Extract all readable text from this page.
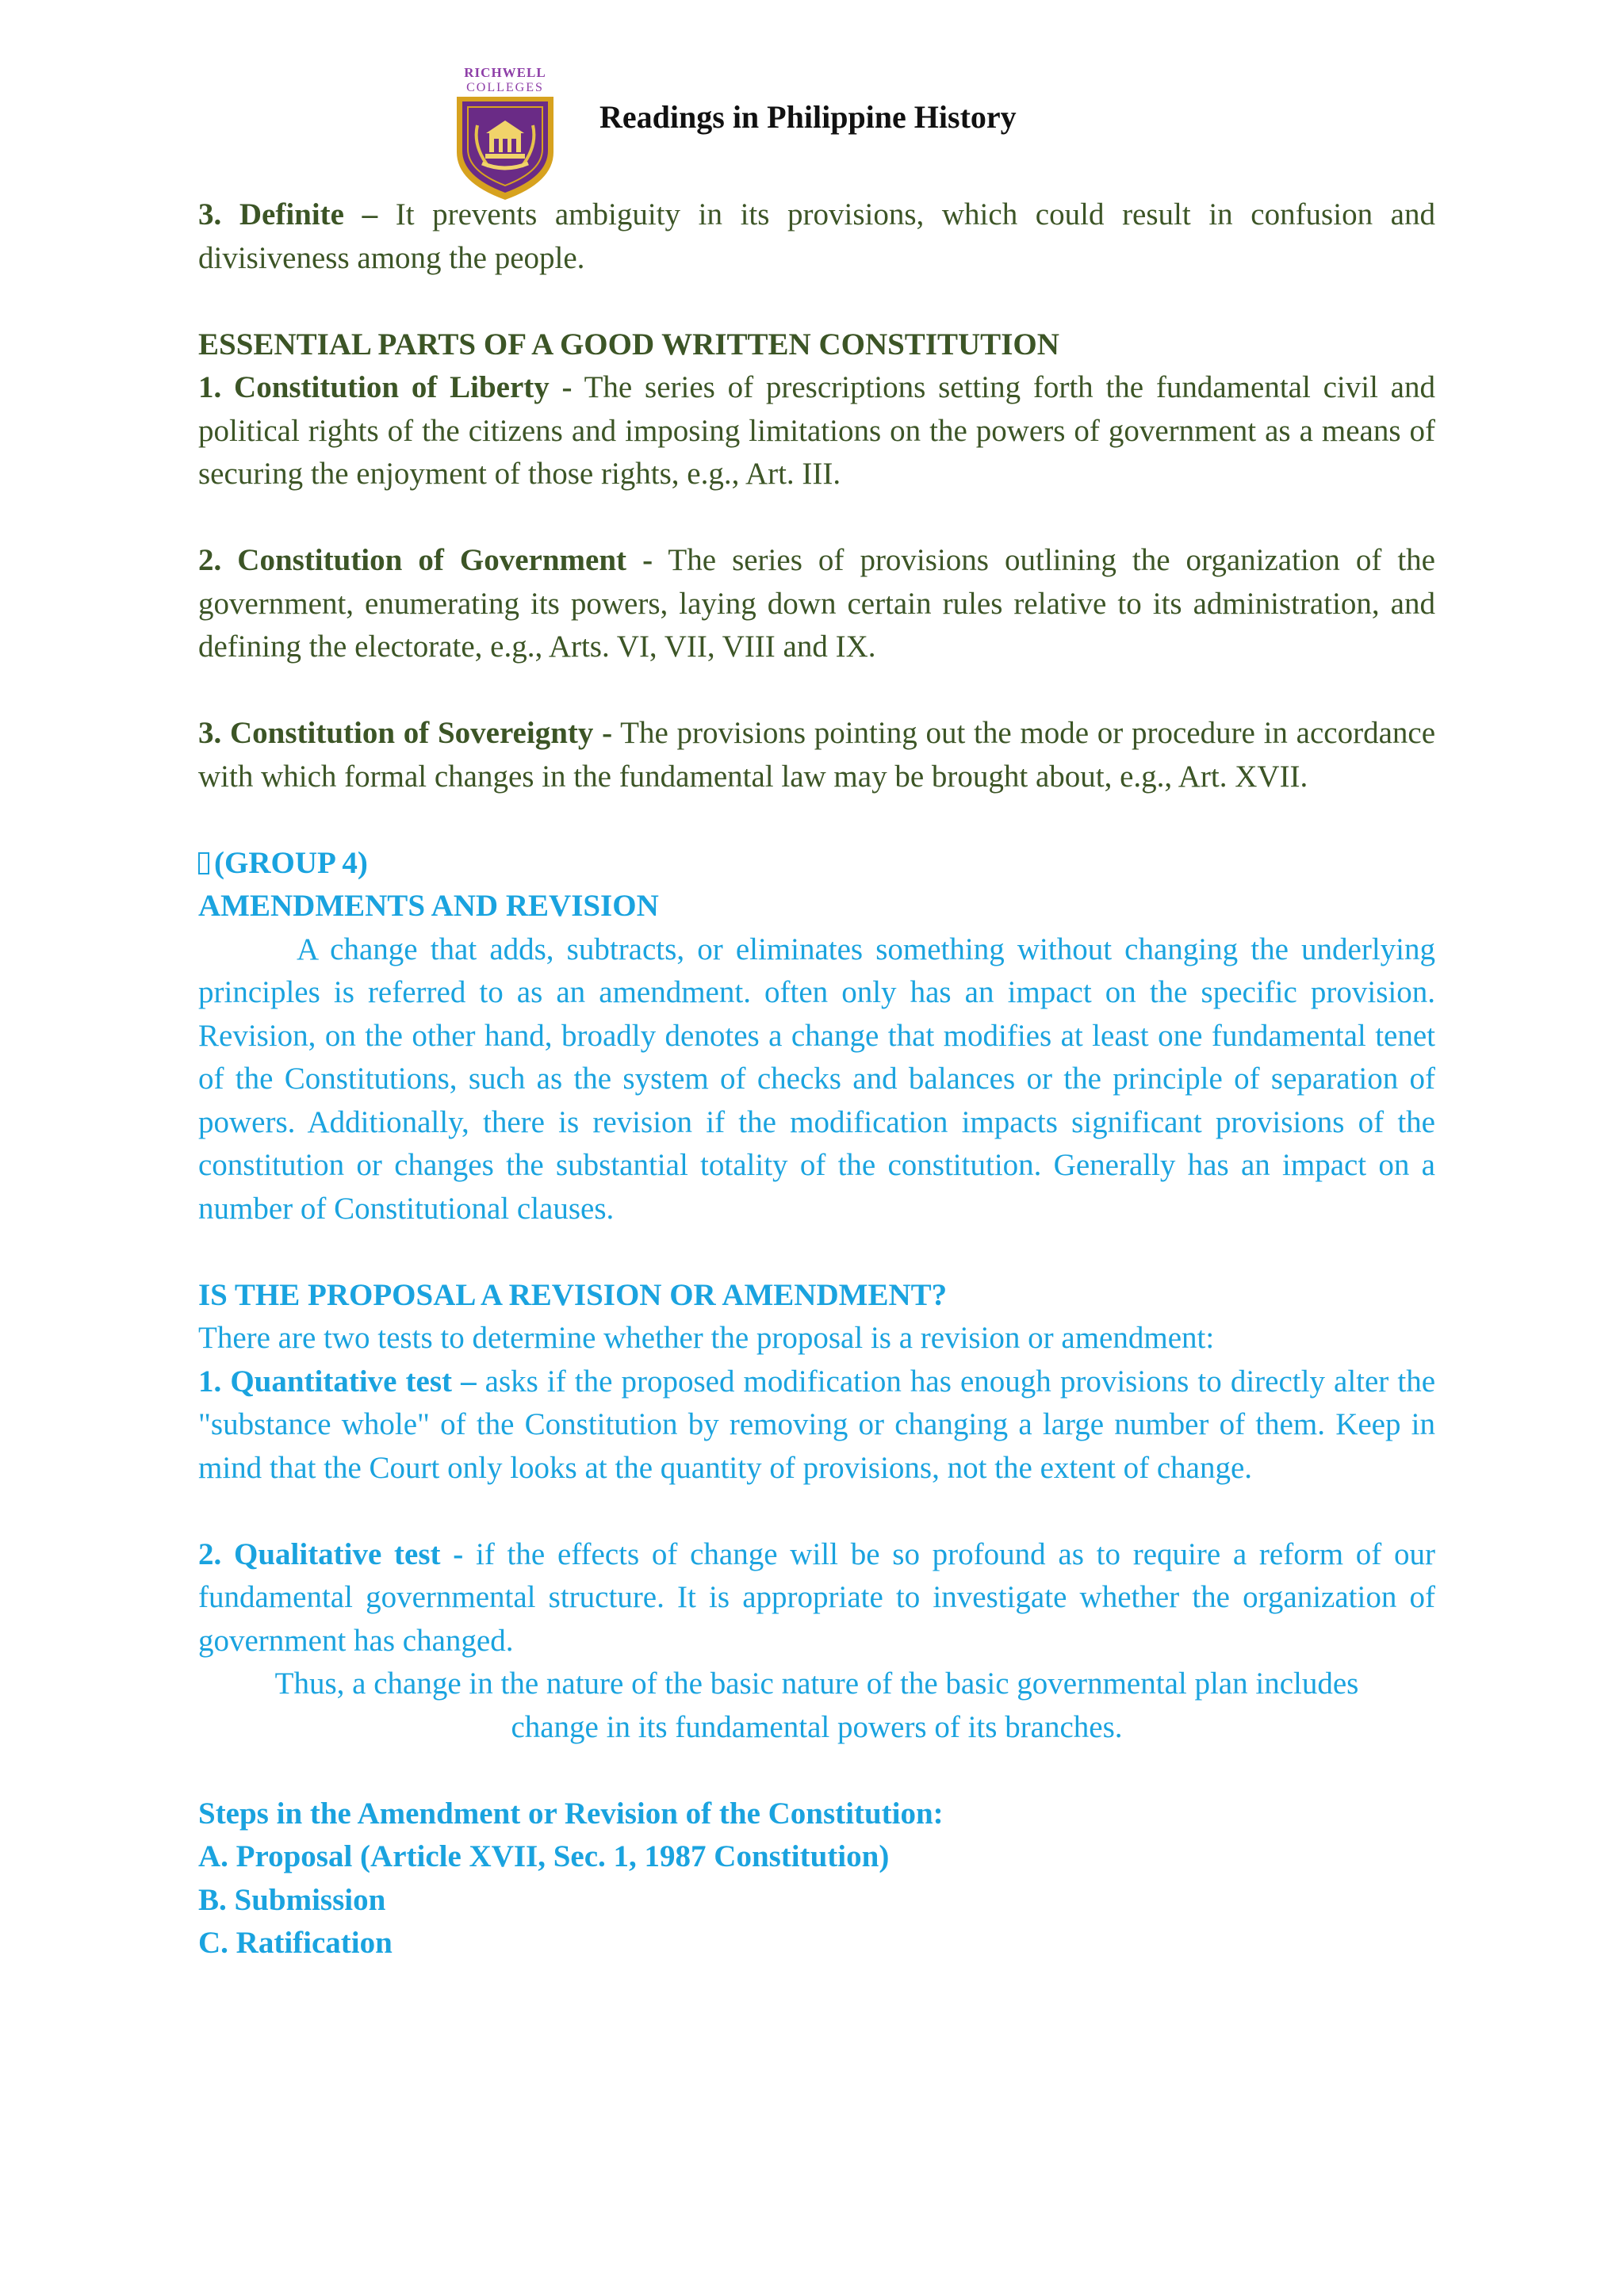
RICHWELL
COLLEGES
Readings in Philippine History

3. Definite – It prevents ambiguity in its provisions, which could result in confusion and divisiveness among the people.

ESSENTIAL PARTS OF A GOOD WRITTEN CONSTITUTION

1. Constitution of Liberty - The series of prescriptions setting forth the fundamental civil and political rights of the citizens and imposing limitations on the powers of government as a means of securing the enjoyment of those rights, e.g., Art. III.

2. Constitution of Government - The series of provisions outlining the organization of the government, enumerating its powers, laying down certain rules relative to its administration, and defining the electorate, e.g., Arts. VI, VII, VIII and IX.

3. Constitution of Sovereignty - The provisions pointing out the mode or procedure in accordance with which formal changes in the fundamental law may be brought about, e.g., Art. XVII.

(GROUP 4)

AMENDMENTS AND REVISION

A change that adds, subtracts, or eliminates something without changing the underlying principles is referred to as an amendment. often only has an impact on the specific provision. Revision, on the other hand, broadly denotes a change that modifies at least one fundamental tenet of the Constitutions, such as the system of checks and balances or the principle of separation of powers. Additionally, there is revision if the modification impacts significant provisions of the constitution or changes the substantial totality of the constitution. Generally has an impact on a number of Constitutional clauses.

IS THE PROPOSAL A REVISION OR AMENDMENT?

There are two tests to determine whether the proposal is a revision or amendment:

1. Quantitative test – asks if the proposed modification has enough provisions to directly alter the "substance whole" of the Constitution by removing or changing a large number of them. Keep in mind that the Court only looks at the quantity of provisions, not the extent of change.

2. Qualitative test - if the effects of change will be so profound as to require a reform of our fundamental governmental structure. It is appropriate to investigate whether the organization of government has changed.

Thus, a change in the nature of the basic nature of the basic governmental plan includes

change in its fundamental powers of its branches.

Steps in the Amendment or Revision of the Constitution:

A. Proposal (Article XVII, Sec. 1, 1987 Constitution)

B. Submission

C. Ratification
